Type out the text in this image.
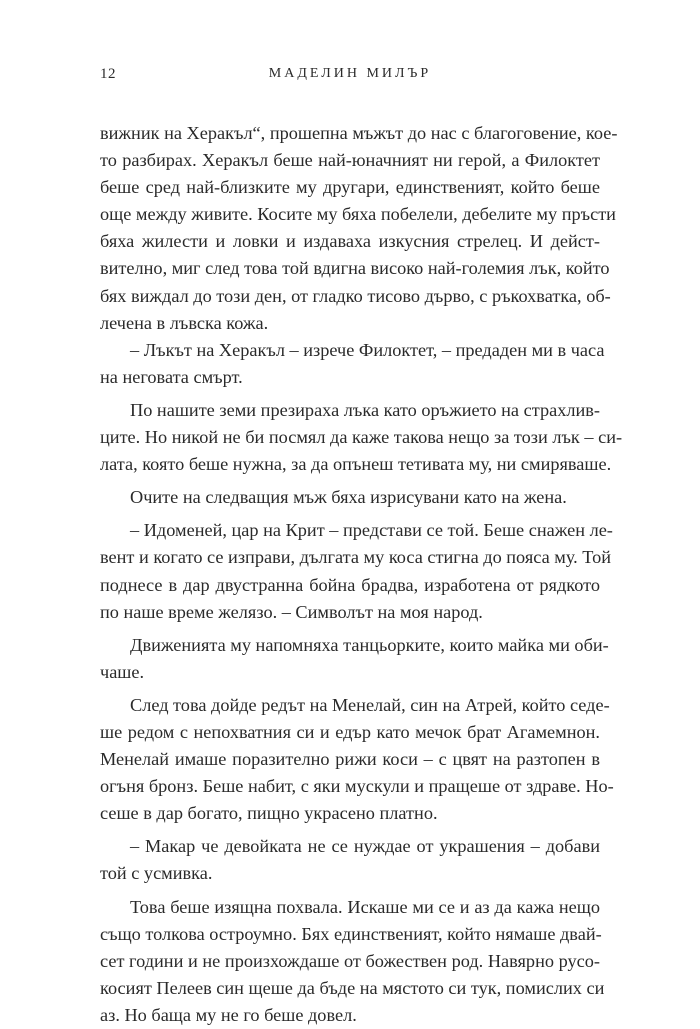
12	МАДЕЛИН МИЛЪР
вижник на Херакъл“, прошепна мъжът до нас с благоговение, кое-
то разбирах. Херакъл беше най-юначният ни герой, а Филоктет
беше сред най-близките му другари, единственият, който беше
още между живите. Косите му бяха побелели, дебелите му пръсти
бяха жилести и ловки и издаваха изкусния стрелец. И дейст-
вително, миг след това той вдигна високо най-големия лък, който
бях виждал до този ден, от гладко тисово дърво, с ръкохватка, об-
лечена в лъвска кожа.
– Лъкът на Херакъл – изрече Филоктет, – предаден ми в часа
на неговата смърт.
По нашите земи презираха лъка като оръжието на страхлив-
ците. Но никой не би посмял да каже такова нещо за този лък – си-
лата, която беше нужна, за да опънеш тетивата му, ни смиряваше.
Очите на следващия мъж бяха изрисувани като на жена.
– Идоменей, цар на Крит – представи се той. Беше снажен ле-
вент и когато се изправи, дългата му коса стигна до пояса му. Той
поднесе в дар двустранна бойна брадва, изработена от рядкото
по наше време желязо. – Символът на моя народ.
Движенията му напомняха танцьорките, които майка ми оби-
чаше.
След това дойде редът на Менелай, син на Атрей, който седе-
ше редом с непохватния си и едър като мечок брат Агамемнон.
Менелай имаше поразително рижи коси – с цвят на разтопен в
огъня бронз. Беше набит, с яки мускули и пращеше от здраве. Но-
сеше в дар богато, пищно украсено платно.
– Макар че девойката не се нуждае от украшения – добави
той с усмивка.
Това беше изящна похвала. Искаше ми се и аз да кажа нещо
също толкова остроумно. Бях единственият, който нямаше двай-
сет години и не произхождаше от божествен род. Навярно русо-
косият Пелеев син щеше да бъде на мястото си тук, помислих си
аз. Но баща му не го беше довел.
